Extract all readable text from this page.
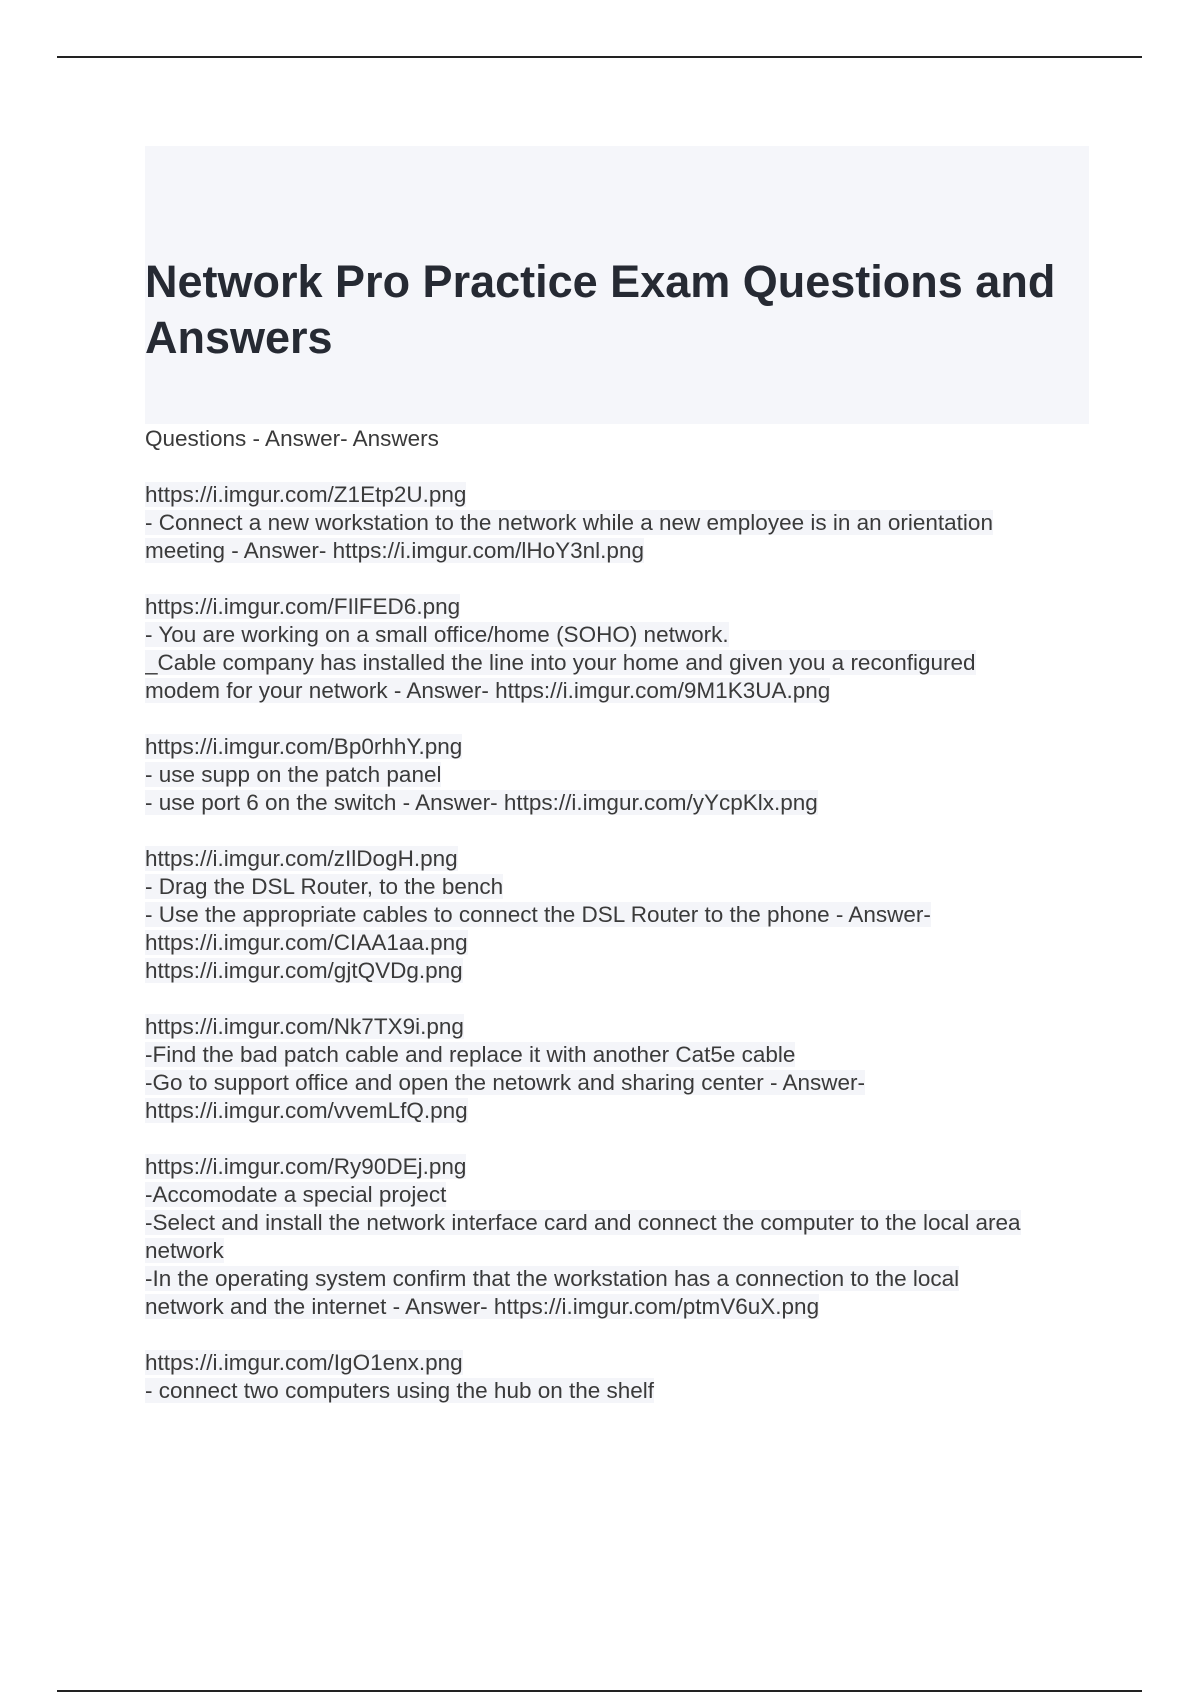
Network Pro Practice Exam Questions and Answers

Questions - Answer- Answers

https://i.imgur.com/Z1Etp2U.png
- Connect a new workstation to the network while a new employee is in an orientation
meeting - Answer- https://i.imgur.com/lHoY3nl.png
https://i.imgur.com/FIlFED6.png
- You are working on a small office/home (SOHO) network.
_Cable company has installed the line into your home and given you a reconfigured
modem for your network - Answer- https://i.imgur.com/9M1K3UA.png
https://i.imgur.com/Bp0rhhY.png
- use supp on the patch panel
- use port 6 on the switch - Answer- https://i.imgur.com/yYcpKlx.png
https://i.imgur.com/zIlDogH.png
- Drag the DSL Router, to the bench
- Use the appropriate cables to connect the DSL Router to the phone - Answer-
https://i.imgur.com/CIAA1aa.png
https://i.imgur.com/gjtQVDg.png
https://i.imgur.com/Nk7TX9i.png
-Find the bad patch cable and replace it with another Cat5e cable
-Go to support office and open the netowrk and sharing center - Answer-
https://i.imgur.com/vvemLfQ.png
https://i.imgur.com/Ry90DEj.png
-Accomodate a special project
-Select and install the network interface card and connect the computer to the local area
network
-In the operating system confirm that the workstation has a connection to the local
network and the internet - Answer- https://i.imgur.com/ptmV6uX.png
https://i.imgur.com/IgO1enx.png
- connect two computers using the hub on the shelf
